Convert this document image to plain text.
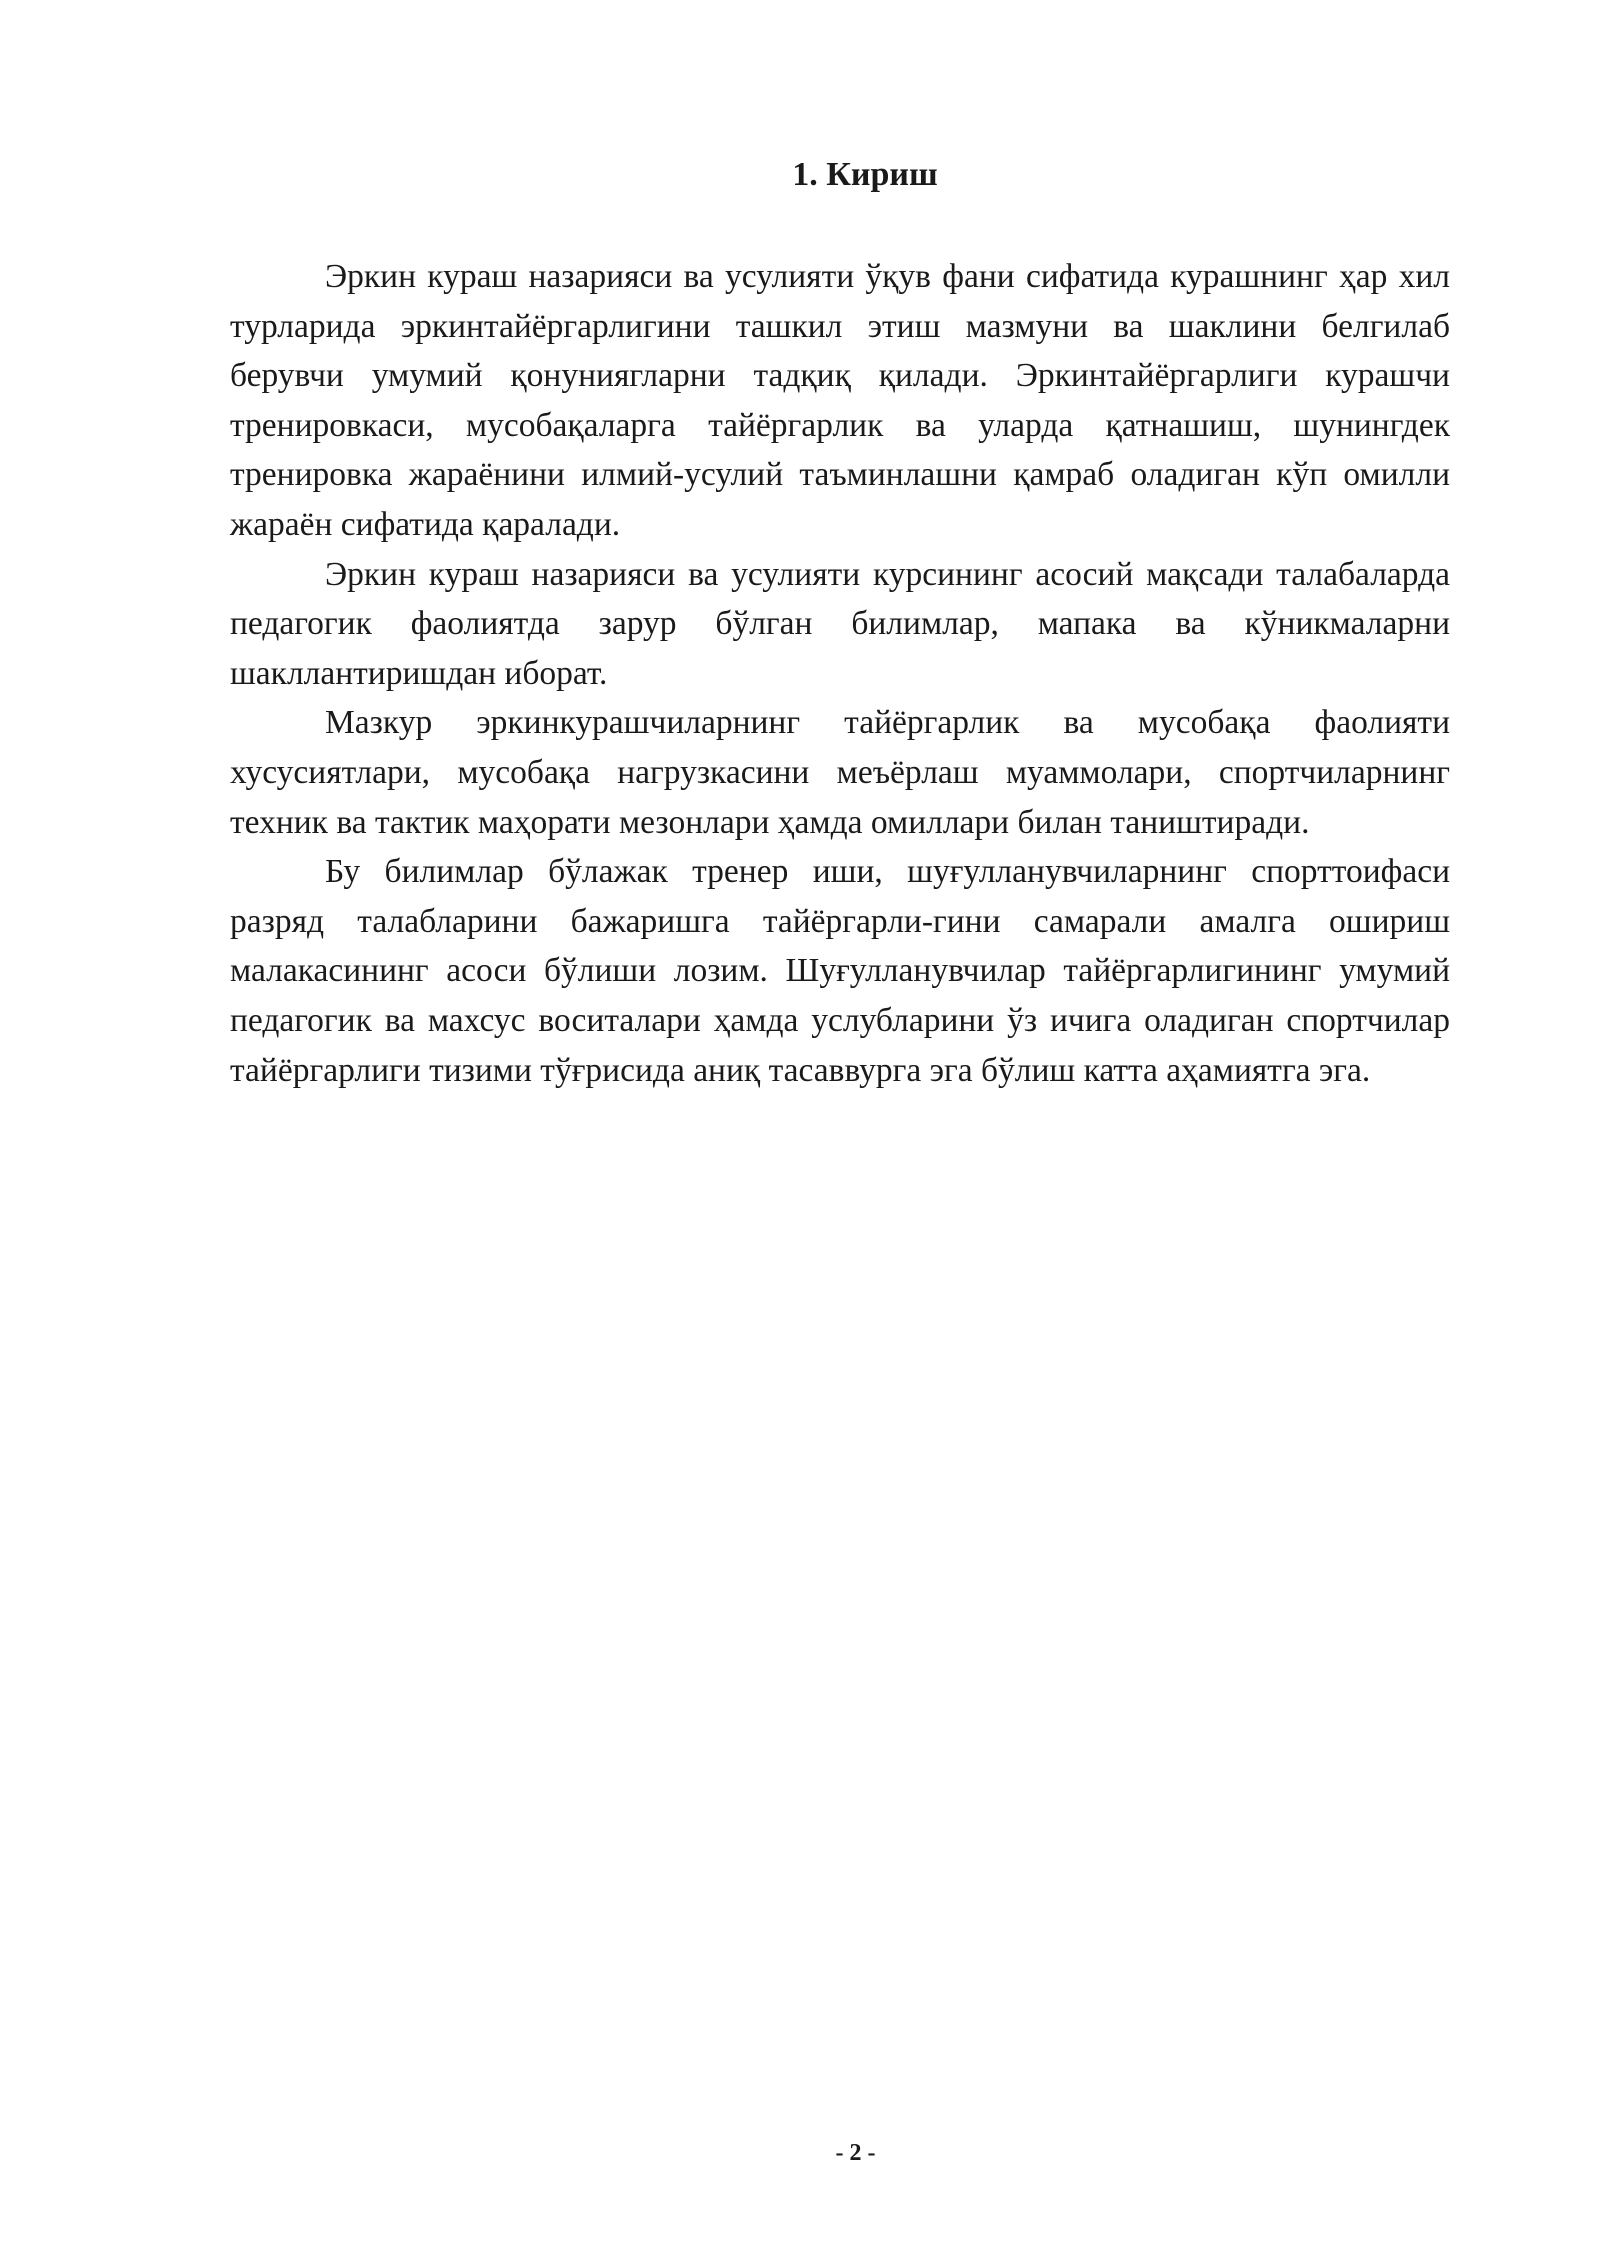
1. Кириш

Эркин кураш назарияси ва усулияти ўқув фани сифатида курашнинг ҳар хил турларида эркинтайёргарлигини ташкил этиш мазмуни ва шаклини белгилаб берувчи умумий қонуниягларни тадқиқ қилади. Эркинтайёргарлиги курашчи тренировкаси, мусобақаларга тайёргарлик ва уларда қатнашиш, шунингдек тренировка жараёнини илмий-усулий таъминлашни қамраб оладиган кўп омилли жараён сифатида қаралади.

Эркин кураш назарияси ва усулияти курсининг асосий мақсади талабаларда педагогик фаолиятда зарур бўлган билимлар, мапака ва кўникмаларни шакллантиришдан иборат.

Мазкур эркинкурашчиларнинг тайёргарлик ва мусобақа фаолияти хусусиятлари, мусобақа нагрузкасини меъёрлаш муаммолари, спортчиларнинг техник ва тактик маҳорати мезонлари ҳамда омиллари билан таништиради.

Бу билимлар бўлажак тренер иши, шуғулланувчиларнинг спорттоифаси разряд талабларини бажаришга тайёргарли-гини самарали амалга ошириш малакасининг асоси бўлиши лозим. Шуғулланувчилар тайёргарлигининг умумий педагогик ва махсус воситалари ҳамда услубларини ўз ичига оладиган спортчилар тайёргарлиги тизими тўғрисида аниқ тасаввурга эга бўлиш катта аҳамиятга эга.

- 2 -
